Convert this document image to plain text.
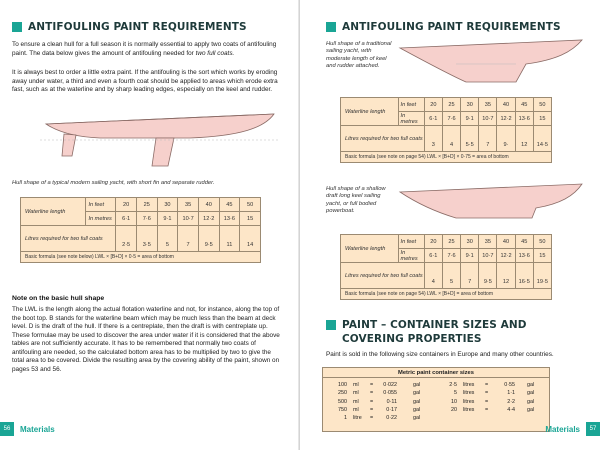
ANTIFOULING PAINT REQUIREMENTS

To ensure a clean hull for a full season it is normally essential to apply two coats of antifouling paint. The data below gives the amount of antifouling needed for two full coats.

It is always best to order a little extra paint. If the antifouling is the sort which works by eroding away under water, a third and even a fourth coat should be applied to areas which erode extra fast, such as at the waterline and by sharp leading edges, especially on the keel and rudder.

Hull shape of a typical modern sailing yacht, with short fin and separate rudder.

Waterline length	In feet	20	25	30	35	40	45	50
	In metres	6·1	7·6	9·1	10·7	12·2	13·6	15
Litres required for two full coats		2·5	3·5	5	7	9·5	11	14
Basic formula (see note below) LWL × [B+D] × 0·5 = area of bottom								
Note on the basic hull shape

The LWL is the length along the actual flotation waterline and not, for instance, along the top of the boot top. B stands for the waterline beam which may be much less than the beam at deck level. D is the draft of the hull. If there is a centreplate, then the draft is with centreplate up. These formulae may be used to discover the area under water if it is considered that the above tables are not sufficiently accurate. It has to be remembered that normally two coats of antifouling are needed, so the calculated bottom area has to be multiplied by two to give the total area to be covered. Divide the resulting area by the covering ability of the paint, shown on pages 53 and 56.

56	Materials
ANTIFOULING PAINT REQUIREMENTS

Hull shape of a traditional sailing yacht, with moderate length of keel and rudder attached.

Waterline length	In feet	20	25	30	35	40	45	50
	In metres	6·1	7·6	9·1	10·7	12·2	13·6	15
Litres required for two full coats		3	4	5·5	7	9·	12	14·5
Basic formula (see note on page 54) LWL × [B+D] × 0·75 = area of bottom								

Hull shape of a shallow draft long keel sailing yacht, or full bodied powerboat.

Waterline length	In feet	20	25	30	35	40	45	50
	In metres	6·1	7·6	9·1	10·7	12·2	13·6	15
Litres required for two full coats		4	5	7	9·5	12	16·5	19·5
Basic formula (see note on page 54) LWL × [B+D] = area of bottom								
PAINT – CONTAINER SIZES AND COVERING PROPERTIES

Paint is sold in the following size containers in Europe and many other countries.

Metric paint container sizes
100 ml = 0·022	gal
250 ml = 0·055	gal
500 ml = 0·11	gal
750 ml = 0·17	gal
1 litre = 0·22	gal
2·5 litres =	0·55 gal
5 litres =	1·1 gal
10 litres =	2·2 gal
20 litres =	4·4 gal
Materials	57
